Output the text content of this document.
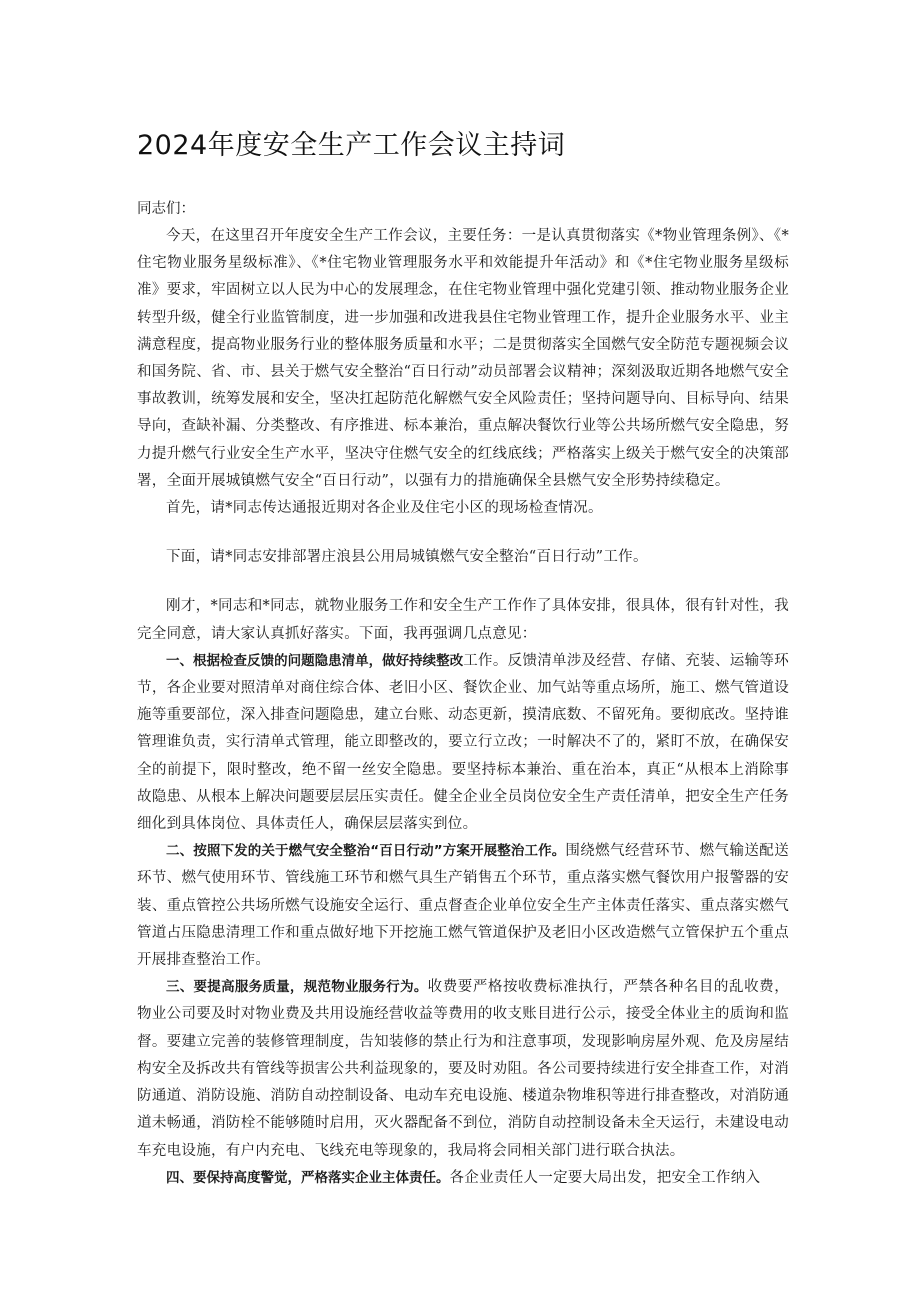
2024年度安全生产工作会议主持词

同志们：

今天，在这里召开年度安全生产工作会议，主要任务：一是认真贯彻落实《*物业管理条例》、《*住宅物业服务星级标准》、《*住宅物业管理服务水平和效能提升年活动》和《*住宅物业服务星级标准》要求，牢固树立以人民为中心的发展理念，在住宅物业管理中强化党建引领、推动物业服务企业转型升级，健全行业监管制度，进一步加强和改进我县住宅物业管理工作，提升企业服务水平、业主满意程度，提高物业服务行业的整体服务质量和水平；二是贯彻落实全国燃气安全防范专题视频会议和国务院、省、市、县关于燃气安全整治“百日行动”动员部署会议精神；深刻汲取近期各地燃气安全事故教训，统筹发展和安全，坚决扛起防范化解燃气安全风险责任；坚持问题导向、目标导向、结果导向，查缺补漏、分类整改、有序推进、标本兼治，重点解决餐饮行业等公共场所燃气安全隐患，努力提升燃气行业安全生产水平，坚决守住燃气安全的红线底线；严格落实上级关于燃气安全的决策部署，全面开展城镇燃气安全“百日行动”，以强有力的措施确保全县燃气安全形势持续稳定。

首先，请*同志传达通报近期对各企业及住宅小区的现场检查情况。

下面，请*同志安排部署庄浪县公用局城镇燃气安全整治“百日行动”工作。

刚才，*同志和*同志，就物业服务工作和安全生产工作作了具体安排，很具体，很有针对性，我完全同意，请大家认真抓好落实。下面，我再强调几点意见：

一、根据检查反馈的问题隐患清单，做好持续整改工作。反馈清单涉及经营、存储、充装、运输等环节，各企业要对照清单对商住综合体、老旧小区、餐饮企业、加气站等重点场所，施工、燃气管道设施等重要部位，深入排查问题隐患，建立台账、动态更新，摸清底数、不留死角。要彻底改。坚持谁管理谁负责，实行清单式管理，能立即整改的，要立行立改；一时解决不了的，紧盯不放，在确保安全的前提下，限时整改，绝不留一丝安全隐患。要坚持标本兼治、重在治本，真正“从根本上消除事故隐患、从根本上解决问题要层层压实责任。健全企业全员岗位安全生产责任清单，把安全生产任务细化到具体岗位、具体责任人，确保层层落实到位。

二、按照下发的关于燃气安全整治“百日行动”方案开展整治工作。围绕燃气经营环节、燃气输送配送环节、燃气使用环节、管线施工环节和燃气具生产销售五个环节，重点落实燃气餐饮用户报警器的安装、重点管控公共场所燃气设施安全运行、重点督查企业单位安全生产主体责任落实、重点落实燃气管道占压隐患清理工作和重点做好地下开挖施工燃气管道保护及老旧小区改造燃气立管保护五个重点开展排查整治工作。

三、要提高服务质量，规范物业服务行为。收费要严格按收费标准执行，严禁各种名目的乱收费，物业公司要及时对物业费及共用设施经营收益等费用的收支账目进行公示，接受全体业主的质询和监督。要建立完善的装修管理制度，告知装修的禁止行为和注意事项，发现影响房屋外观、危及房屋结构安全及拆改共有管线等损害公共利益现象的，要及时劝阻。各公司要持续进行安全排查工作，对消防通道、消防设施、消防自动控制设备、电动车充电设施、楼道杂物堆积等进行排查整改，对消防通道未畅通，消防栓不能够随时启用，灭火器配备不到位，消防自动控制设备未全天运行，未建设电动车充电设施，有户内充电、飞线充电等现象的，我局将会同相关部门进行联合执法。

四、要保持高度警觉，严格落实企业主体责任。各企业责任人一定要大局出发，把安全工作纳入
